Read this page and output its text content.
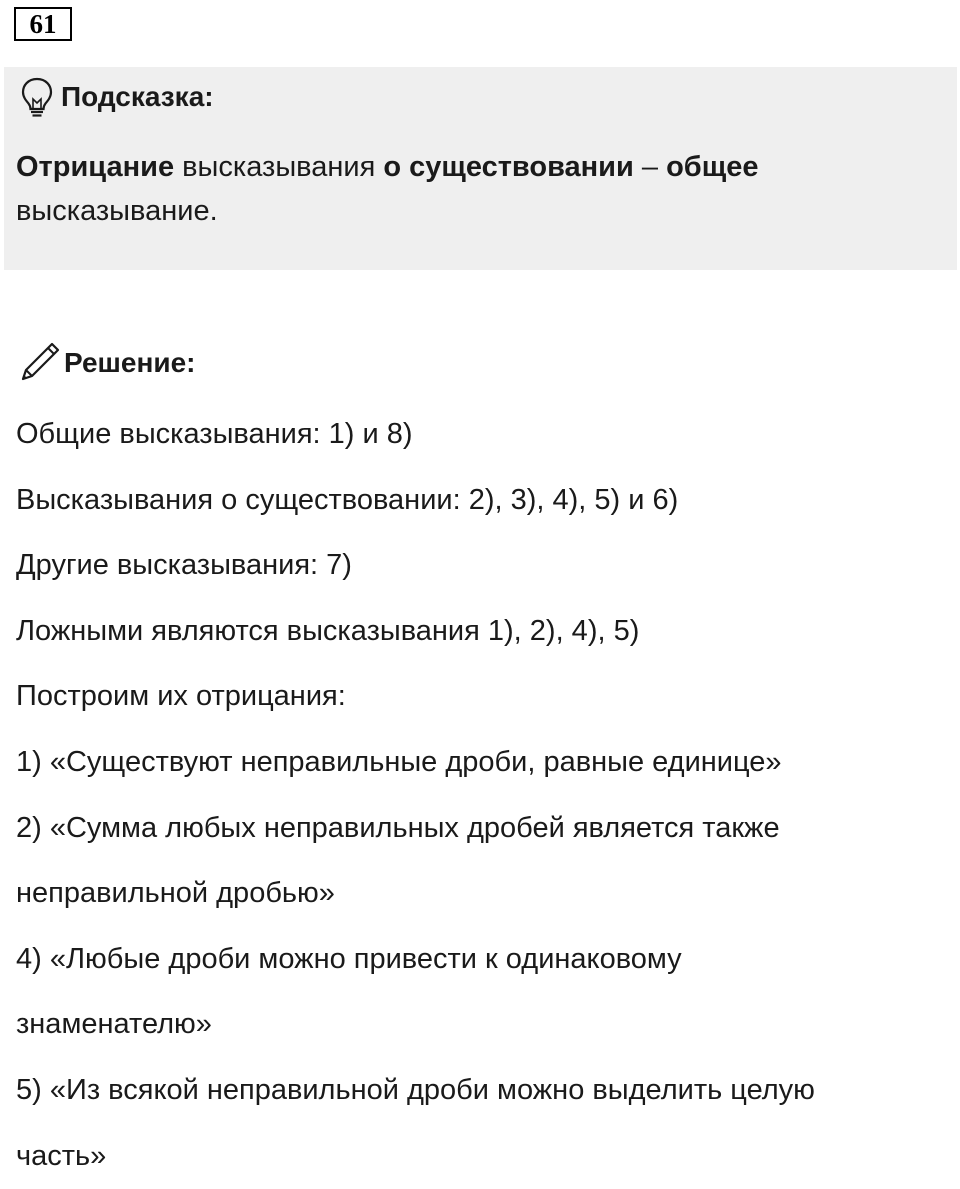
61
Подсказка:
Отрицание высказывания о существовании – общее
высказывание.
Решение:
Общие высказывания: 1) и 8)
Высказывания о существовании: 2), 3), 4), 5) и 6)
Другие высказывания: 7)
Ложными являются высказывания 1), 2), 4), 5)
Построим их отрицания:
1) «Существуют неправильные дроби, равные единице»
2) «Сумма любых неправильных дробей является также
неправильной дробью»
4) «Любые дроби можно привести к одинаковому
знаменателю»
5) «Из всякой неправильной дроби можно выделить целую
часть»
